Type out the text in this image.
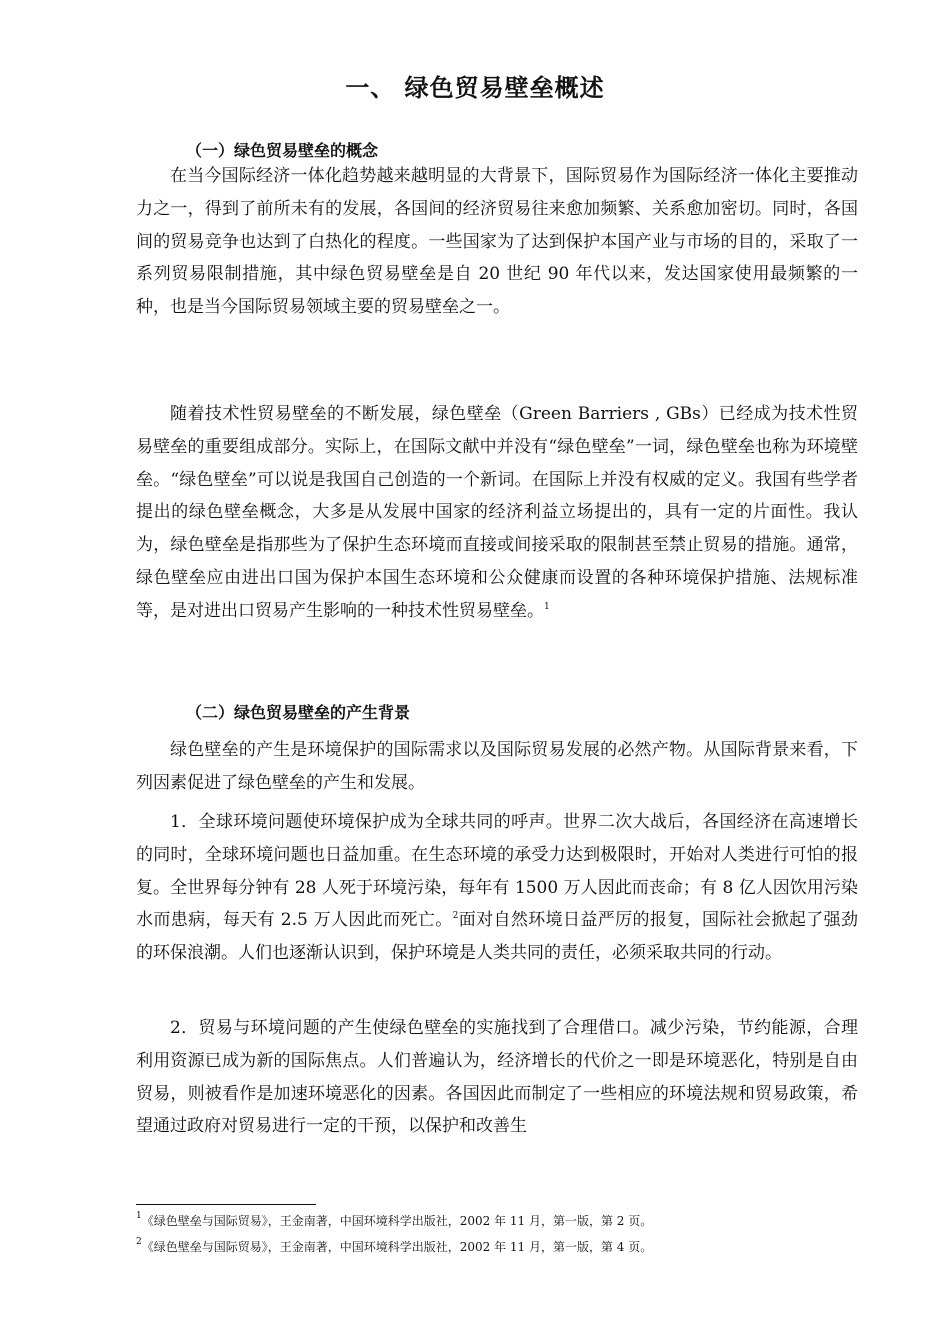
一、 绿色贸易壁垒概述
（一）绿色贸易壁垒的概念

在当今国际经济一体化趋势越来越明显的大背景下，国际贸易作为国际经济一体化主要推动力之一，得到了前所未有的发展，各国间的经济贸易往来愈加频繁、关系愈加密切。同时，各国间的贸易竞争也达到了白热化的程度。一些国家为了达到保护本国产业与市场的目的，采取了一系列贸易限制措施，其中绿色贸易壁垒是自 20 世纪 90 年代以来，发达国家使用最频繁的一种，也是当今国际贸易领域主要的贸易壁垒之一。

随着技术性贸易壁垒的不断发展，绿色壁垒（Green Barriers , GBs）已经成为技术性贸易壁垒的重要组成部分。实际上，在国际文献中并没有“绿色壁垒”一词，绿色壁垒也称为环境壁垒。“绿色壁垒”可以说是我国自己创造的一个新词。在国际上并没有权威的定义。我国有些学者提出的绿色壁垒概念，大多是从发展中国家的经济利益立场提出的，具有一定的片面性。我认为，绿色壁垒是指那些为了保护生态环境而直接或间接采取的限制甚至禁止贸易的措施。通常，绿色壁垒应由进出口国为保护本国生态环境和公众健康而设置的各种环境保护措施、法规标准等，是对进出口贸易产生影响的一种技术性贸易壁垒。$^1$

（二）绿色贸易壁垒的产生背景

绿色壁垒的产生是环境保护的国际需求以及国际贸易发展的必然产物。从国际背景来看，下列因素促进了绿色壁垒的产生和发展。

1．全球环境问题使环境保护成为全球共同的呼声。世界二次大战后，各国经济在高速增长的同时，全球环境问题也日益加重。在生态环境的承受力达到极限时，开始对人类进行可怕的报复。全世界每分钟有 28 人死于环境污染，每年有 1500 万人因此而丧命；有 8 亿人因饮用污染水而患病，每天有 2.5 万人因此而死亡。$^2$面对自然环境日益严厉的报复，国际社会掀起了强劲的环保浪潮。人们也逐渐认识到，保护环境是人类共同的责任，必须采取共同的行动。

2．贸易与环境问题的产生使绿色壁垒的实施找到了合理借口。减少污染，节约能源，合理利用资源已成为新的国际焦点。人们普遍认为，经济增长的代价之一即是环境恶化，特别是自由贸易，则被看作是加速环境恶化的因素。各国因此而制定了一些相应的环境法规和贸易政策，希望通过政府对贸易进行一定的干预，以保护和改善生

$^1$《绿色壁垒与国际贸易》，王金南著，中国环境科学出版社，2002 年 11 月，第一版，第 2 页。
$^2$《绿色壁垒与国际贸易》，王金南著，中国环境科学出版社，2002 年 11 月，第一版，第 4 页。
